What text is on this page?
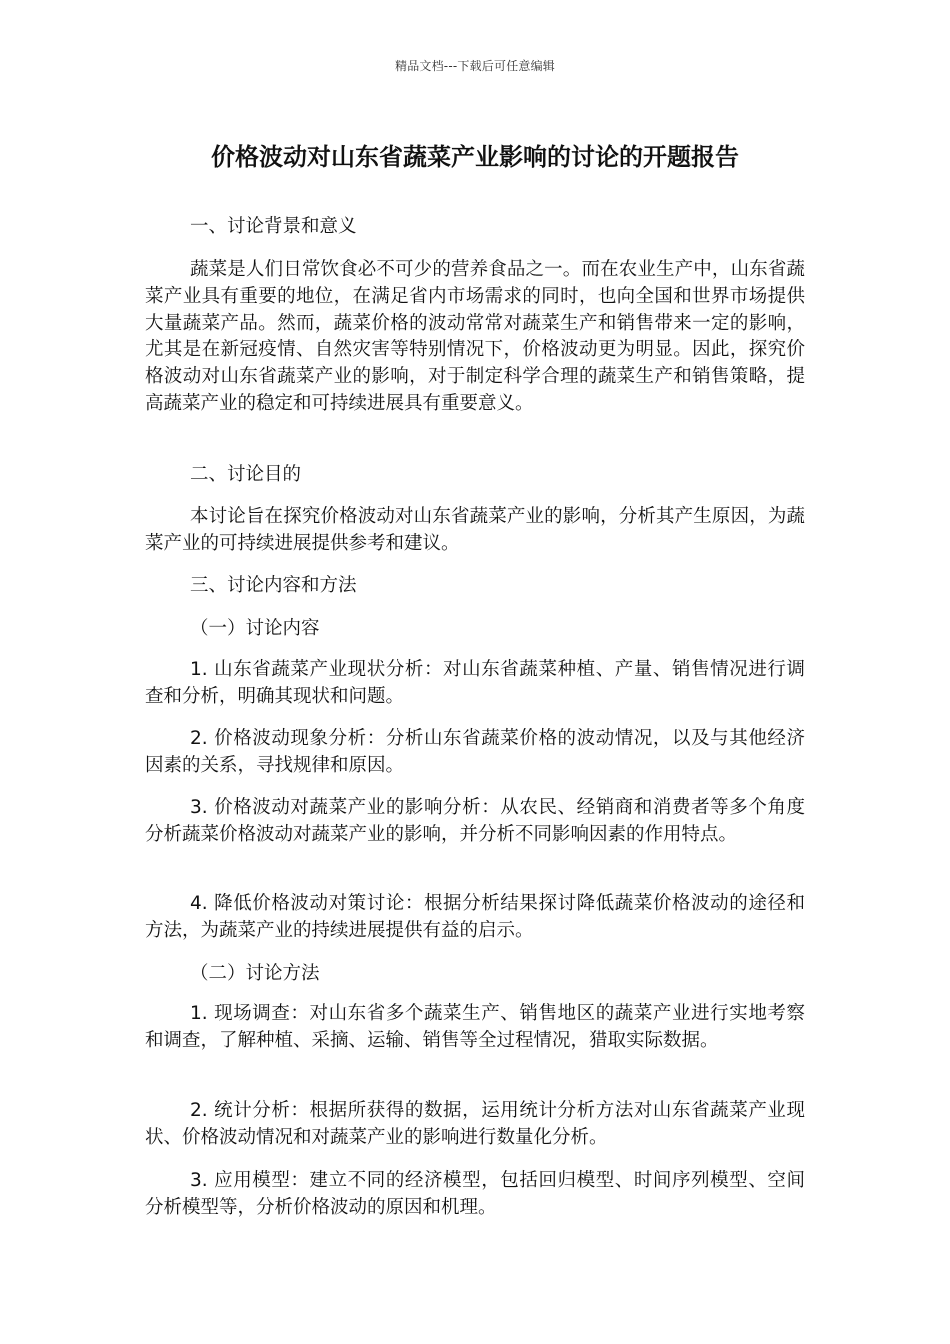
精品文档---下载后可任意编辑
价格波动对山东省蔬菜产业影响的讨论的开题报告
一、讨论背景和意义
蔬菜是人们日常饮食必不可少的营养食品之一。而在农业生产中，山东省蔬菜产业具有重要的地位，在满足省内市场需求的同时，也向全国和世界市场提供大量蔬菜产品。然而，蔬菜价格的波动常常对蔬菜生产和销售带来一定的影响，尤其是在新冠疫情、自然灾害等特别情况下，价格波动更为明显。因此，探究价格波动对山东省蔬菜产业的影响，对于制定科学合理的蔬菜生产和销售策略，提高蔬菜产业的稳定和可持续进展具有重要意义。
二、讨论目的
本讨论旨在探究价格波动对山东省蔬菜产业的影响，分析其产生原因，为蔬菜产业的可持续进展提供参考和建议。
三、讨论内容和方法
（一）讨论内容
1. 山东省蔬菜产业现状分析：对山东省蔬菜种植、产量、销售情况进行调查和分析，明确其现状和问题。
2. 价格波动现象分析：分析山东省蔬菜价格的波动情况，以及与其他经济因素的关系，寻找规律和原因。
3. 价格波动对蔬菜产业的影响分析：从农民、经销商和消费者等多个角度分析蔬菜价格波动对蔬菜产业的影响，并分析不同影响因素的作用特点。
4. 降低价格波动对策讨论：根据分析结果探讨降低蔬菜价格波动的途径和方法，为蔬菜产业的持续进展提供有益的启示。
（二）讨论方法
1. 现场调查：对山东省多个蔬菜生产、销售地区的蔬菜产业进行实地考察和调查，了解种植、采摘、运输、销售等全过程情况，猎取实际数据。
2. 统计分析：根据所获得的数据，运用统计分析方法对山东省蔬菜产业现状、价格波动情况和对蔬菜产业的影响进行数量化分析。
3. 应用模型：建立不同的经济模型，包括回归模型、时间序列模型、空间分析模型等，分析价格波动的原因和机理。
